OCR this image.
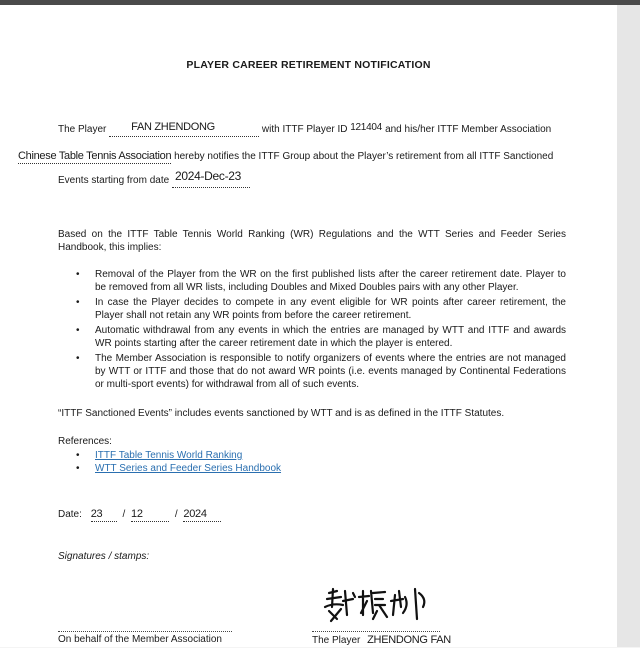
PLAYER CAREER RETIREMENT NOTIFICATION
The Player FAN ZHENDONG	with ITTF Player ID 121404 and his/her ITTF Member Association
Chinese Table Tennis Association hereby notifies the ITTF Group about the Player’s retirement from all ITTF Sanctioned
Events starting from date 2024-Dec-23
Based on the ITTF Table Tennis World Ranking (WR) Regulations and the WTT Series and Feeder Series Handbook, this implies:
• Removal of the Player from the WR on the first published lists after the career retirement date. Player to be removed from all WR lists, including Doubles and Mixed Doubles pairs with any other Player.
• In case the Player decides to compete in any event eligible for WR points after career retirement, the Player shall not retain any WR points from before the career retirement.
• Automatic withdrawal from any events in which the entries are managed by WTT and ITTF and awards WR points starting after the career retirement date in which the player is entered.
• The Member Association is responsible to notify organizers of events where the entries are not managed by WTT or ITTF and those that do not award WR points (i.e. events managed by Continental Federations or multi-sport events) for withdrawal from all of such events.
“ITTF Sanctioned Events” includes events sanctioned by WTT and is as defined in the ITTF Statutes.
References:
• ITTF Table Tennis World Ranking
• WTT Series and Feeder Series Handbook
Date: 23 / 12	/ 2024
Signatures / stamps:
On behalf of the Member Association	The Player ZHENDONG FAN
